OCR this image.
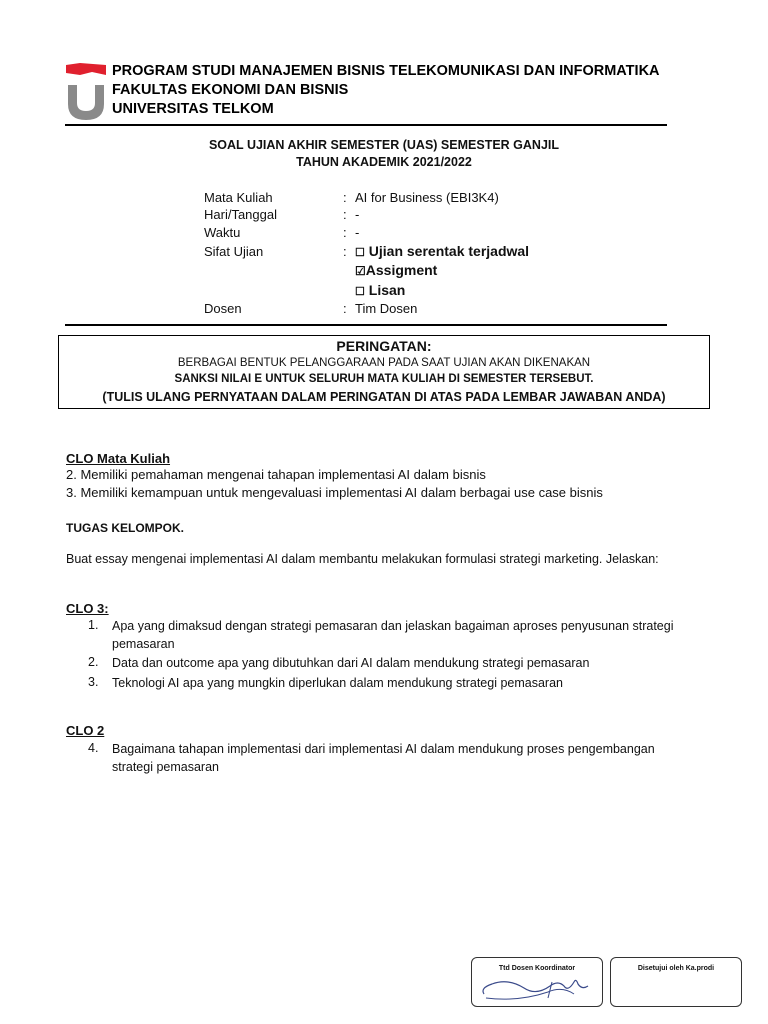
PROGRAM STUDI MANAJEMEN BISNIS TELEKOMUNIKASI DAN INFORMATIKA
FAKULTAS EKONOMI DAN BISNIS
UNIVERSITAS TELKOM
SOAL UJIAN AKHIR SEMESTER (UAS) SEMESTER GANJIL
TAHUN AKADEMIK 2021/2022
Mata Kuliah	: AI for Business (EBI3K4)
Hari/Tanggal	: -
Waktu	: -
Sifat Ujian	: ☐ Ujian serentak terjadwal
☑Assigment
☐ Lisan
Dosen	: Tim Dosen
PERINGATAN:
BERBAGAI BENTUK PELANGGARAAN PADA SAAT UJIAN AKAN DIKENAKAN
SANKSI NILAI E UNTUK SELURUH MATA KULIAH DI SEMESTER TERSEBUT.
(TULIS ULANG PERNYATAAN DALAM PERINGATAN DI ATAS PADA LEMBAR JAWABAN ANDA)
CLO Mata Kuliah
2. Memiliki pemahaman mengenai tahapan implementasi AI dalam bisnis
3. Memiliki kemampuan untuk mengevaluasi implementasi AI dalam berbagai use case bisnis
TUGAS KELOMPOK.
Buat essay mengenai implementasi AI dalam membantu melakukan formulasi strategi marketing. Jelaskan:
CLO 3:
1. Apa yang dimaksud dengan strategi pemasaran dan jelaskan bagaiman aproses penyusunan strategi pemasaran
2. Data dan outcome apa yang dibutuhkan dari AI dalam mendukung strategi pemasaran
3. Teknologi AI apa yang mungkin diperlukan dalam mendukung strategi pemasaran
CLO 2
4. Bagaimana tahapan implementasi dari implementasi AI dalam mendukung proses pengembangan strategi pemasaran
Ttd Dosen Koordinator	Disetujui oleh Ka.prodi
